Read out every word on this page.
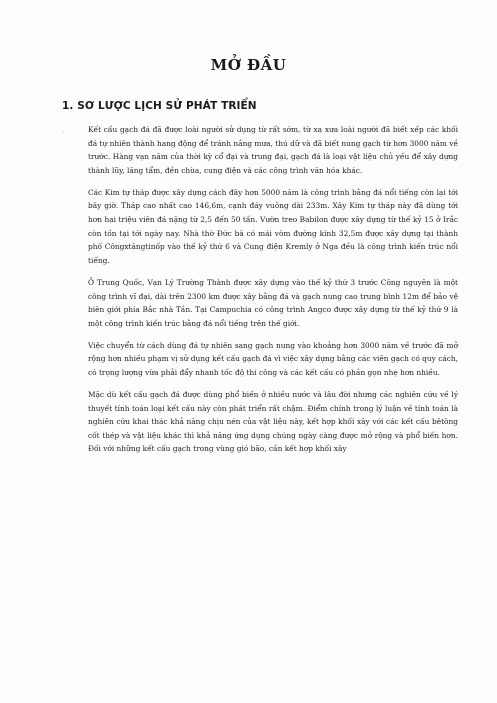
·
MỞ ĐẦU
1. SƠ LƯỢC LỊCH SỬ PHÁT TRIỂN

Kết cấu gạch đá đã được loài người sử dụng từ rất sớm, từ xa xưa loài người đã biết xếp các khối đá tự nhiên thành hang động để tránh nắng mưa, thú dữ và đã biết nung gạch từ hơn 3000 năm về trước. Hàng vạn năm của thời kỳ cổ đại và trung đại, gạch đá là loại vật liệu chủ yếu để xây dựng thành lũy, lăng tẩm, đền chùa, cung điện và các công trình văn hóa khác.

Các Kim tự tháp được xây dựng cách đây hơn 5000 năm là công trình bằng đá nổi tiếng còn lại tới bây giờ. Tháp cao nhất cao 146,6m, cạnh đáy vuông dài 233m. Xây Kim tự tháp này đã dùng tới hơn hai triệu viên đá nặng từ 2,5 đến 50 tấn. Vườn treo Babilon được xây dựng từ thế kỷ 15 ở Irắc còn tồn tại tới ngày nay. Nhà thờ Đức bà có mái vòm đường kính 32,5m được xây dựng tại thành phố Côngxtăngtinốp vào thế kỷ thứ 6 và Cung điện Kremly ở Nga đều là công trình kiến trúc nổi tiếng.

Ở Trung Quốc, Vạn Lý Trường Thành được xây dựng vào thế kỷ thứ 3 trước Công nguyên là một công trình vĩ đại, dài trên 2300 km được xây bằng đá và gạch nung cao trung bình 12m để bảo vệ biên giới phía Bắc nhà Tần. Tại Campuchia có công trình Angco được xây dựng từ thế kỷ thứ 9 là một công trình kiến trúc bằng đá nổi tiếng trên thế giới.

Việc chuyển từ cách dùng đá tự nhiên sang gạch nung vào khoảng hơn 3000 năm về trước đã mở rộng hơn nhiều phạm vị sử dụng kết cấu gạch đá vì việc xây dựng bằng các viên gạch có quy cách, có trọng lượng vừa phải đẩy nhanh tốc độ thi công và các kết cấu có phần gọn nhẹ hơn nhiều.

Mặc dù kết cấu gạch đá được dùng phổ biến ở nhiều nước và lâu đời nhưng các nghiên cứu về lý thuyết tính toán loại kết cấu này còn phát triển rất chậm. Điểm chính trong lý luận về tính toán là nghiên cứu khai thác khả năng chịu nén của vật liệu này, kết hợp khối xây với các kết cấu bêtông cốt thép và vật liệu khác thì khả năng ứng dụng chúng ngày càng được mở rộng và phổ biến hơn. Đối với những kết cấu gạch trong vùng gió bão, cần kết hợp khối xây
